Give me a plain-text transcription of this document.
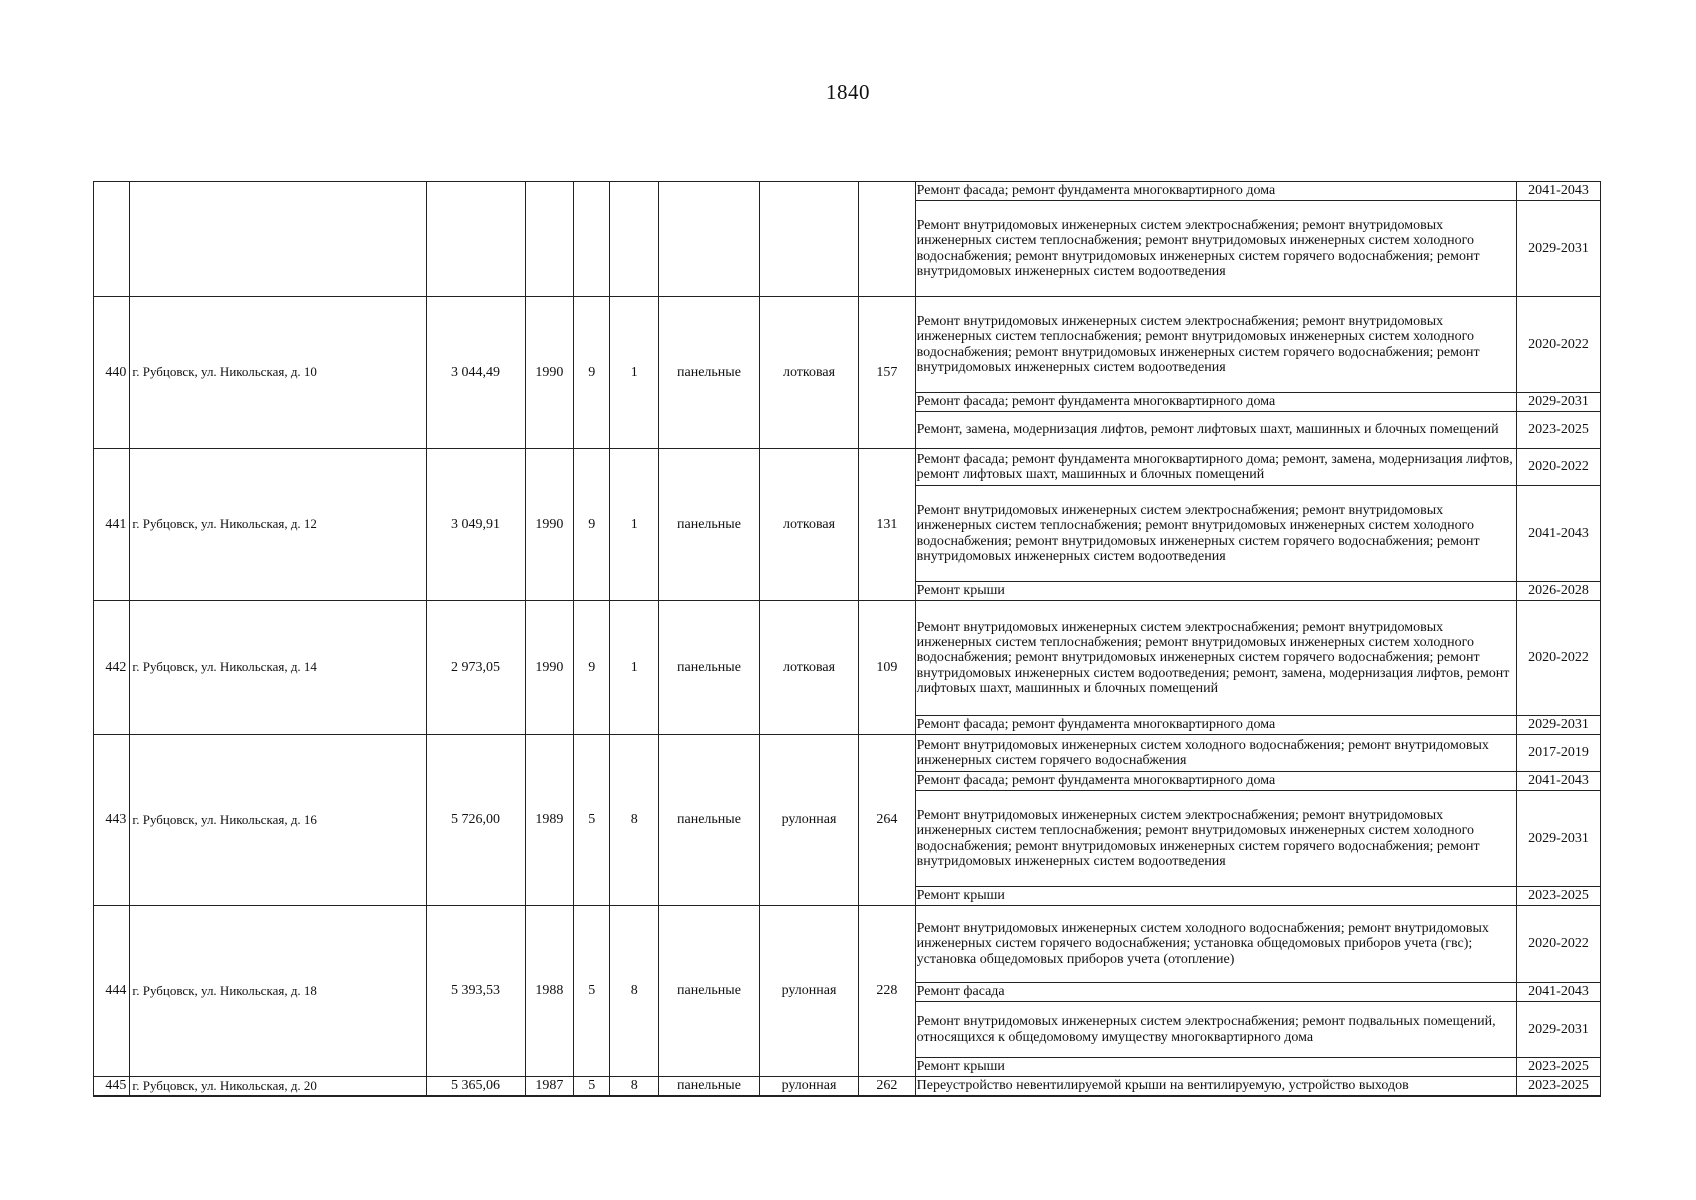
1840
									Ремонт фасада; ремонт фундамента многоквартирного дома	2041-2043
									Ремонт внутридомовых инженерных систем электроснабжения; ремонт внутридомовых инженерных систем теплоснабжения; ремонт внутридомовых инженерных систем холодного водоснабжения; ремонт внутридомовых инженерных систем горячего водоснабжения; ремонт внутридомовых инженерных систем водоотведения	2029-2031
440	г. Рубцовск, ул. Никольская, д. 10	3 044,49	1990	9	1	панельные	лотковая	157	Ремонт внутридомовых инженерных систем электроснабжения; ремонт внутридомовых инженерных систем теплоснабжения; ремонт внутридомовых инженерных систем холодного водоснабжения; ремонт внутридомовых инженерных систем горячего водоснабжения; ремонт внутридомовых инженерных систем водоотведения	2020-2022
									Ремонт фасада; ремонт фундамента многоквартирного дома	2029-2031
									Ремонт, замена, модернизация лифтов, ремонт лифтовых шахт, машинных и блочных помещений	2023-2025
441	г. Рубцовск, ул. Никольская, д. 12	3 049,91	1990	9	1	панельные	лотковая	131	Ремонт фасада; ремонт фундамента многоквартирного дома; ремонт, замена, модернизация лифтов, ремонт лифтовых шахт, машинных и блочных помещений	2020-2022
									Ремонт внутридомовых инженерных систем электроснабжения; ремонт внутридомовых инженерных систем теплоснабжения; ремонт внутридомовых инженерных систем холодного водоснабжения; ремонт внутридомовых инженерных систем горячего водоснабжения; ремонт внутридомовых инженерных систем водоотведения	2041-2043
									Ремонт крыши	2026-2028
442	г. Рубцовск, ул. Никольская, д. 14	2 973,05	1990	9	1	панельные	лотковая	109	Ремонт внутридомовых инженерных систем электроснабжения; ремонт внутридомовых инженерных систем теплоснабжения; ремонт внутридомовых инженерных систем холодного водоснабжения; ремонт внутридомовых инженерных систем горячего водоснабжения; ремонт внутридомовых инженерных систем водоотведения; ремонт, замена, модернизация лифтов, ремонт лифтовых шахт, машинных и блочных помещений	2020-2022
									Ремонт фасада; ремонт фундамента многоквартирного дома	2029-2031
443	г. Рубцовск, ул. Никольская, д. 16	5 726,00	1989	5	8	панельные	рулонная	264	Ремонт внутридомовых инженерных систем холодного водоснабжения; ремонт внутридомовых инженерных систем горячего водоснабжения	2017-2019
									Ремонт фасада; ремонт фундамента многоквартирного дома	2041-2043
									Ремонт внутридомовых инженерных систем электроснабжения; ремонт внутридомовых инженерных систем теплоснабжения; ремонт внутридомовых инженерных систем холодного водоснабжения; ремонт внутридомовых инженерных систем горячего водоснабжения; ремонт внутридомовых инженерных систем водоотведения	2029-2031
									Ремонт крыши	2023-2025
444	г. Рубцовск, ул. Никольская, д. 18	5 393,53	1988	5	8	панельные	рулонная	228	Ремонт внутридомовых инженерных систем холодного водоснабжения; ремонт внутридомовых инженерных систем горячего водоснабжения; установка общедомовых приборов учета (гвс); установка общедомовых приборов учета (отопление)	2020-2022
									Ремонт фасада	2041-2043
									Ремонт внутридомовых инженерных систем электроснабжения; ремонт подвальных помещений, относящихся к общедомовому имуществу многоквартирного дома	2029-2031
									Ремонт крыши	2023-2025
445	г. Рубцовск, ул. Никольская, д. 20	5 365,06	1987	5	8	панельные	рулонная	262	Переустройство невентилируемой крыши на вентилируемую, устройство выходов	2023-2025
